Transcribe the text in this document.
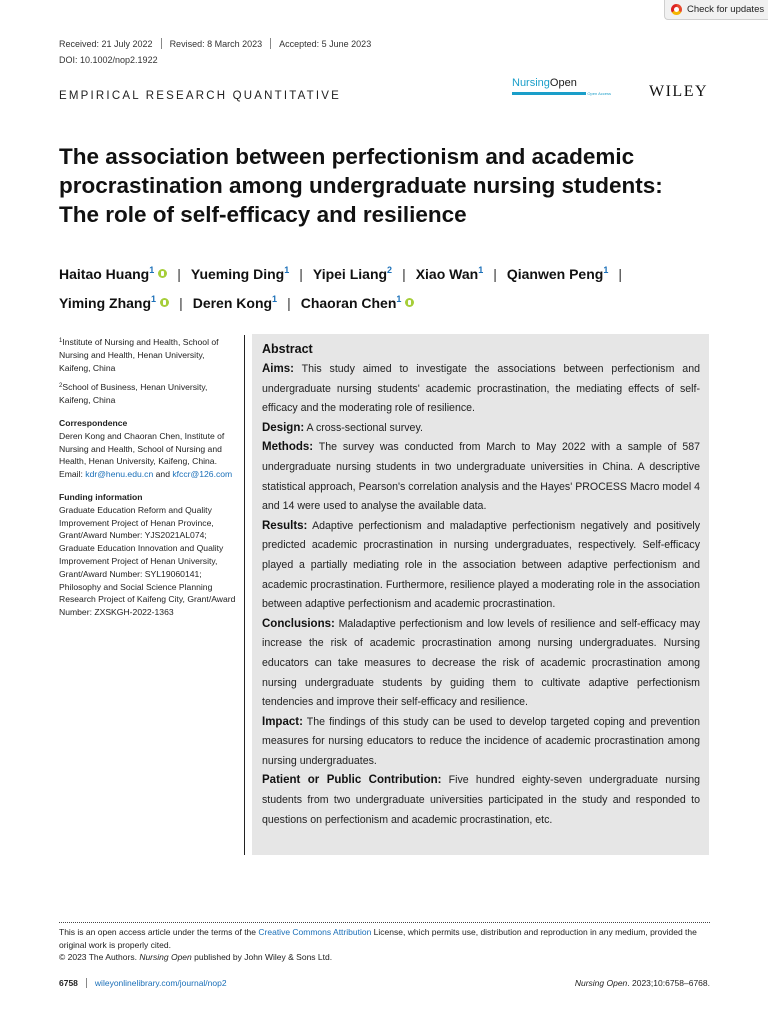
Check for updates
Received: 21 July 2022 Revised: 8 March 2023 Accepted: 5 June 2023
DOI: 10.1002/nop2.1922
EMPIRICAL RESEARCH QUANTITATIVE
NursingOpen
Open Access WILEY
The association between perfectionism and academic procrastination among undergraduate nursing students: The role of self-efficacy and resilience
Haitao Huang$^1$ | Yueming Ding$^1$ | Yipei Liang$^2$ | Xiao Wan$^1$ | Qianwen Peng$^1$ |Yiming Zhang$^1$ | Deren Kong$^1$ | Chaoran Chen$^1$
$^1$Institute of Nursing and Health, School of Nursing and Health, Henan University, Kaifeng, China
$^2$School of Business, Henan University, Kaifeng, China
Correspondence
Deren Kong and Chaoran Chen, Institute of Nursing and Health, School of Nursing and Health, Henan University, Kaifeng, China.
Email: kdr@henu.edu.cn and kfccr@126.com
Funding information
Graduate Education Reform and Quality Improvement Project of Henan Province, Grant/Award Number: YJS2021AL074; Graduate Education Innovation and Quality Improvement Project of Henan University, Grant/Award Number: SYL19060141; Philosophy and Social Science Planning Research Project of Kaifeng City, Grant/Award Number: ZXSKGH-2022-1363
Abstract

Aims: This study aimed to investigate the associations between perfectionism and undergraduate nursing students' academic procrastination, the mediating effects of self-efficacy and the moderating role of resilience.

Design: A cross-sectional survey.

Methods: The survey was conducted from March to May 2022 with a sample of 587 undergraduate nursing students in two undergraduate universities in China. A descriptive statistical approach, Pearson's correlation analysis and the Hayes' PROCESS Macro model 4 and 14 were used to analyse the available data.

Results: Adaptive perfectionism and maladaptive perfectionism negatively and positively predicted academic procrastination in nursing undergraduates, respectively. Self-efficacy played a partially mediating role in the association between adaptive perfectionism and academic procrastination. Furthermore, resilience played a moderating role in the association between adaptive perfectionism and academic procrastination.

Conclusions: Maladaptive perfectionism and low levels of resilience and self-efficacy may increase the risk of academic procrastination among nursing undergraduates. Nursing educators can take measures to decrease the risk of academic procrastination among nursing undergraduate students by guiding them to cultivate adaptive perfectionism tendencies and improve their self-efficacy and resilience.

Impact: The findings of this study can be used to develop targeted coping and prevention measures for nursing educators to reduce the incidence of academic procrastination among nursing undergraduates.

Patient or Public Contribution: Five hundred eighty-seven undergraduate nursing students from two undergraduate universities participated in the study and responded to questions on perfectionism and academic procrastination, etc.

This is an open access article under the terms of the Creative Commons Attribution License, which permits use, distribution and reproduction in any medium, provided the original work is properly cited.
© 2023 The Authors. Nursing Open published by John Wiley & Sons Ltd.
6758 wileyonlinelibrary.com/journal/nop2	Nursing Open. 2023;10:6758–6768.
